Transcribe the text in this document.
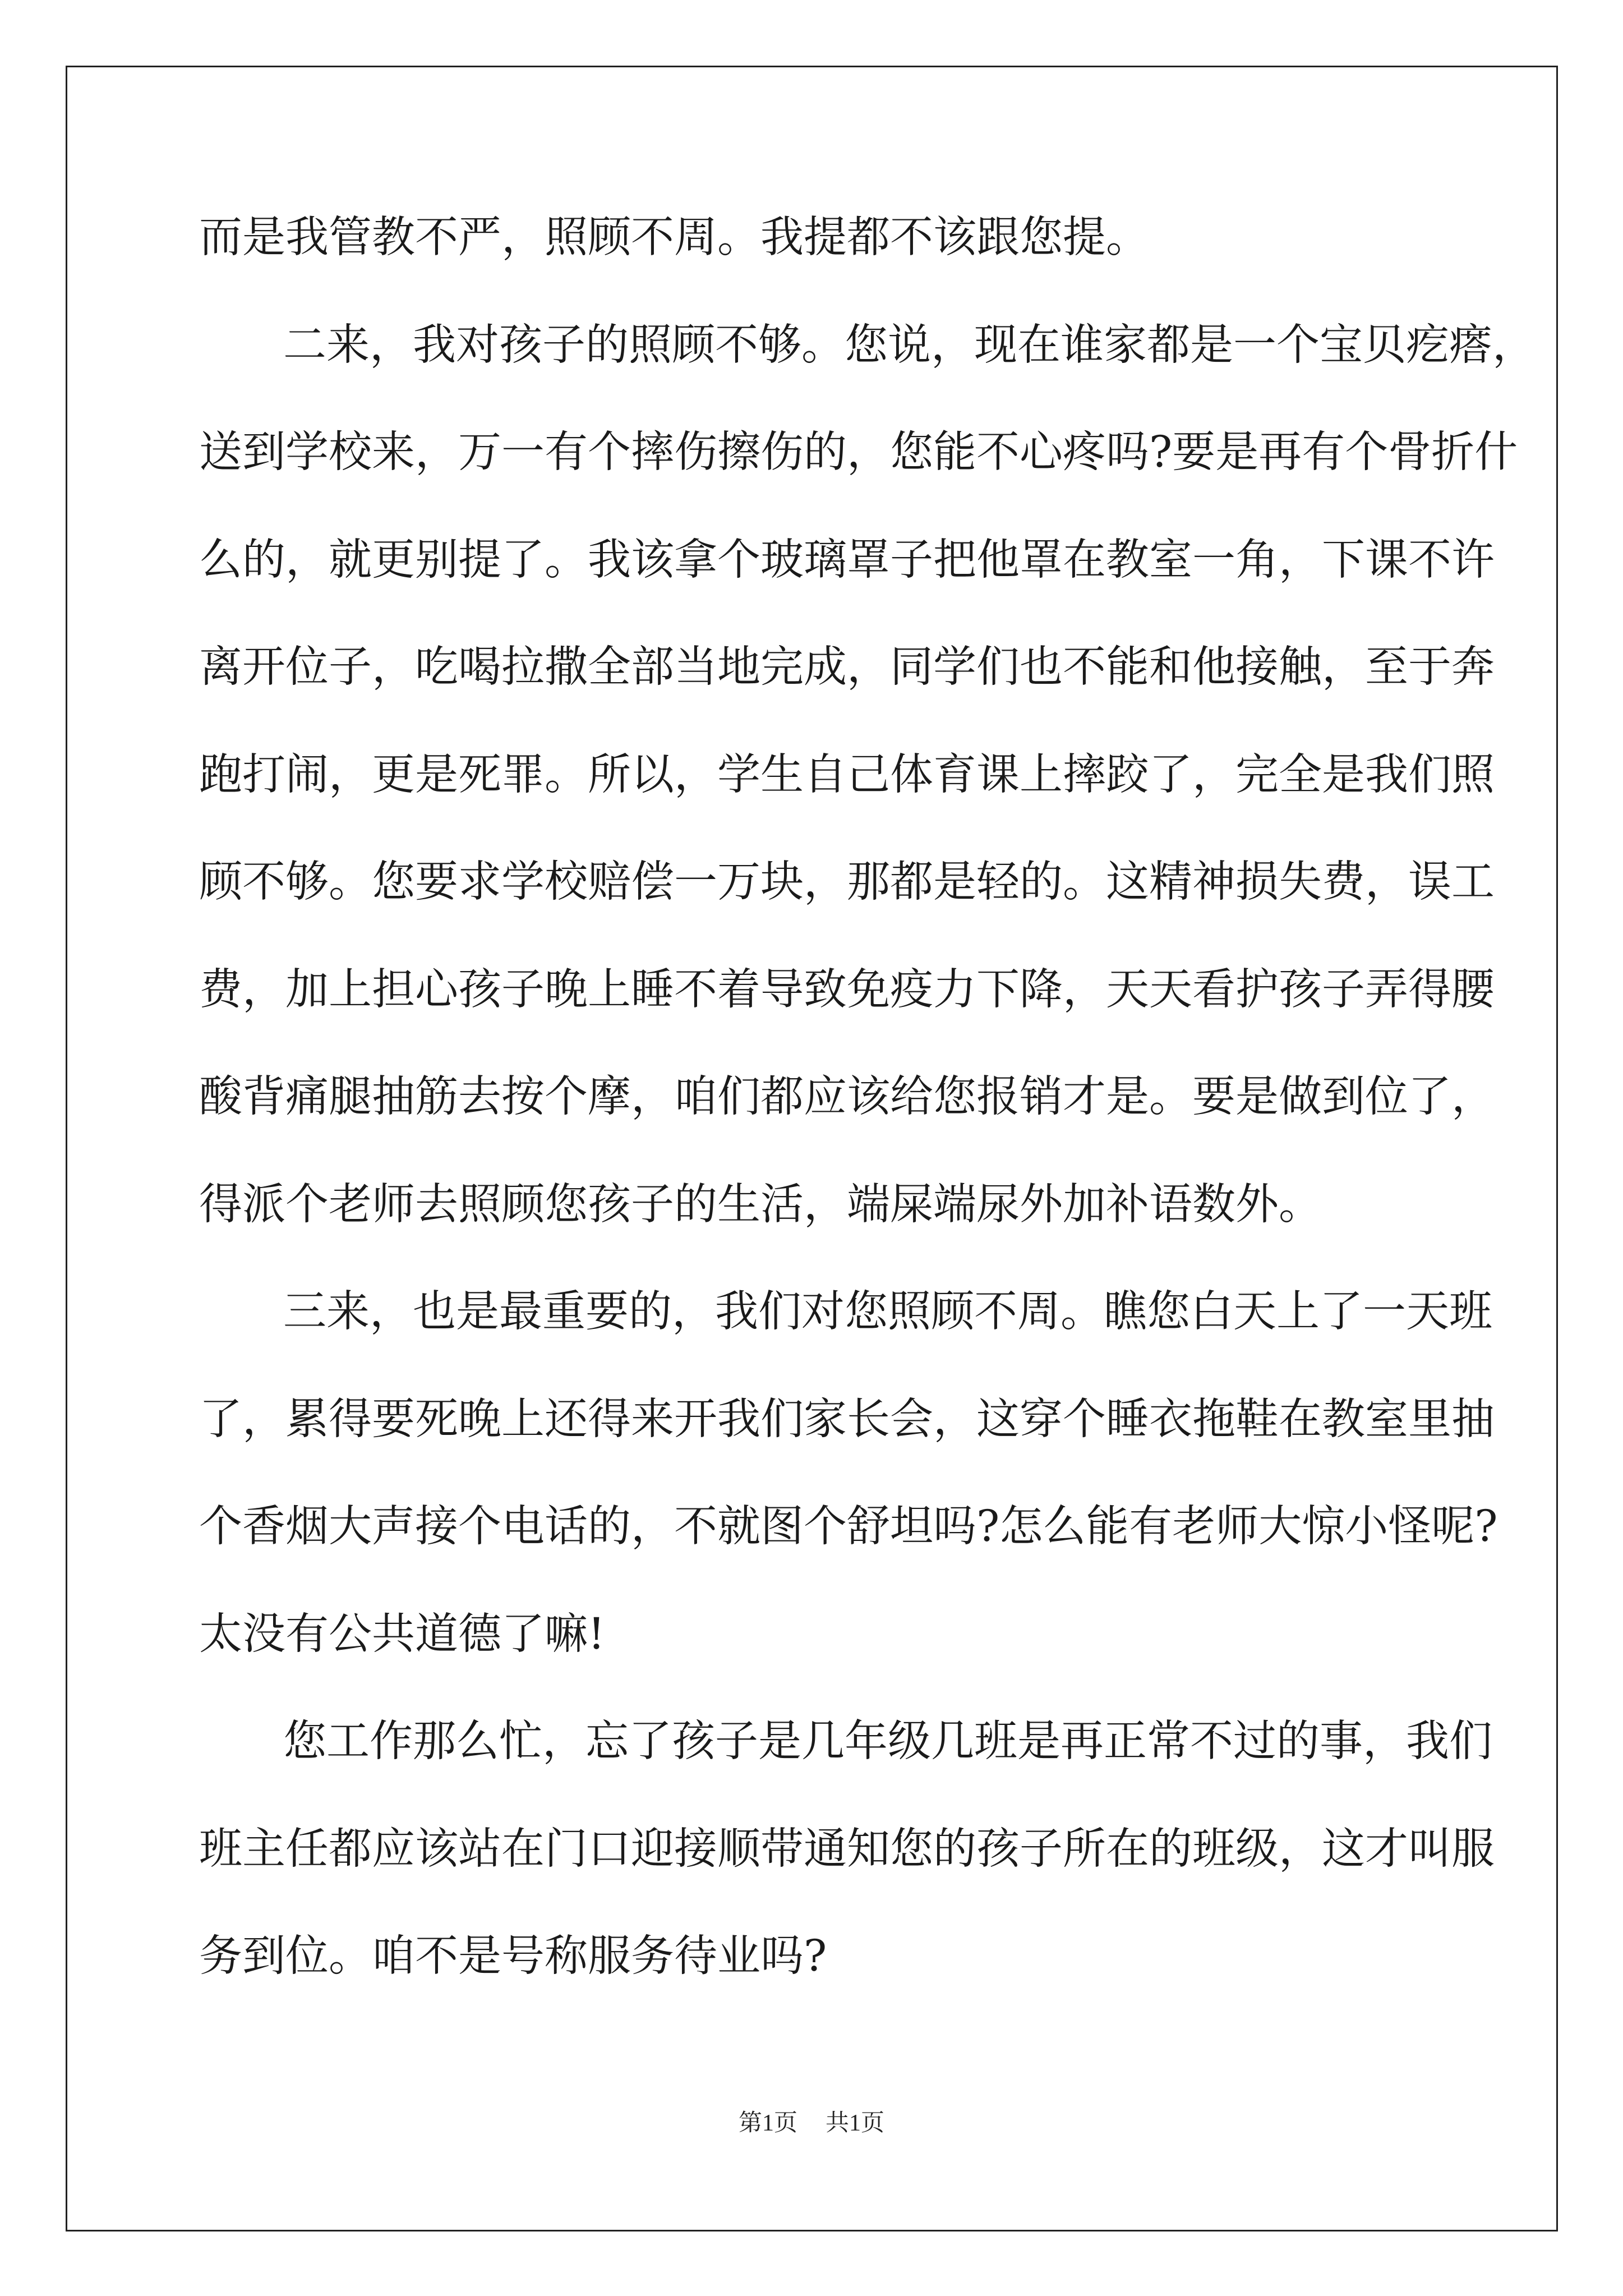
而是我管教不严，照顾不周。我提都不该跟您提。
二来，我对孩子的照顾不够。您说，现在谁家都是一个宝贝疙瘩，
送到学校来，万一有个摔伤擦伤的，您能不心疼吗?要是再有个骨折什
么的，就更别提了。我该拿个玻璃罩子把他罩在教室一角，下课不许
离开位子，吃喝拉撒全部当地完成，同学们也不能和他接触，至于奔
跑打闹，更是死罪。所以，学生自己体育课上摔跤了，完全是我们照
顾不够。您要求学校赔偿一万块，那都是轻的。这精神损失费，误工
费，加上担心孩子晚上睡不着导致免疫力下降，天天看护孩子弄得腰
酸背痛腿抽筋去按个摩，咱们都应该给您报销才是。要是做到位了，
得派个老师去照顾您孩子的生活，端屎端尿外加补语数外。
三来，也是最重要的，我们对您照顾不周。瞧您白天上了一天班
了，累得要死晚上还得来开我们家长会，这穿个睡衣拖鞋在教室里抽
个香烟大声接个电话的，不就图个舒坦吗?怎么能有老师大惊小怪呢?
太没有公共道德了嘛!
您工作那么忙，忘了孩子是几年级几班是再正常不过的事，我们
班主任都应该站在门口迎接顺带通知您的孩子所在的班级，这才叫服
务到位。咱不是号称服务待业吗?
第1页 共1页
